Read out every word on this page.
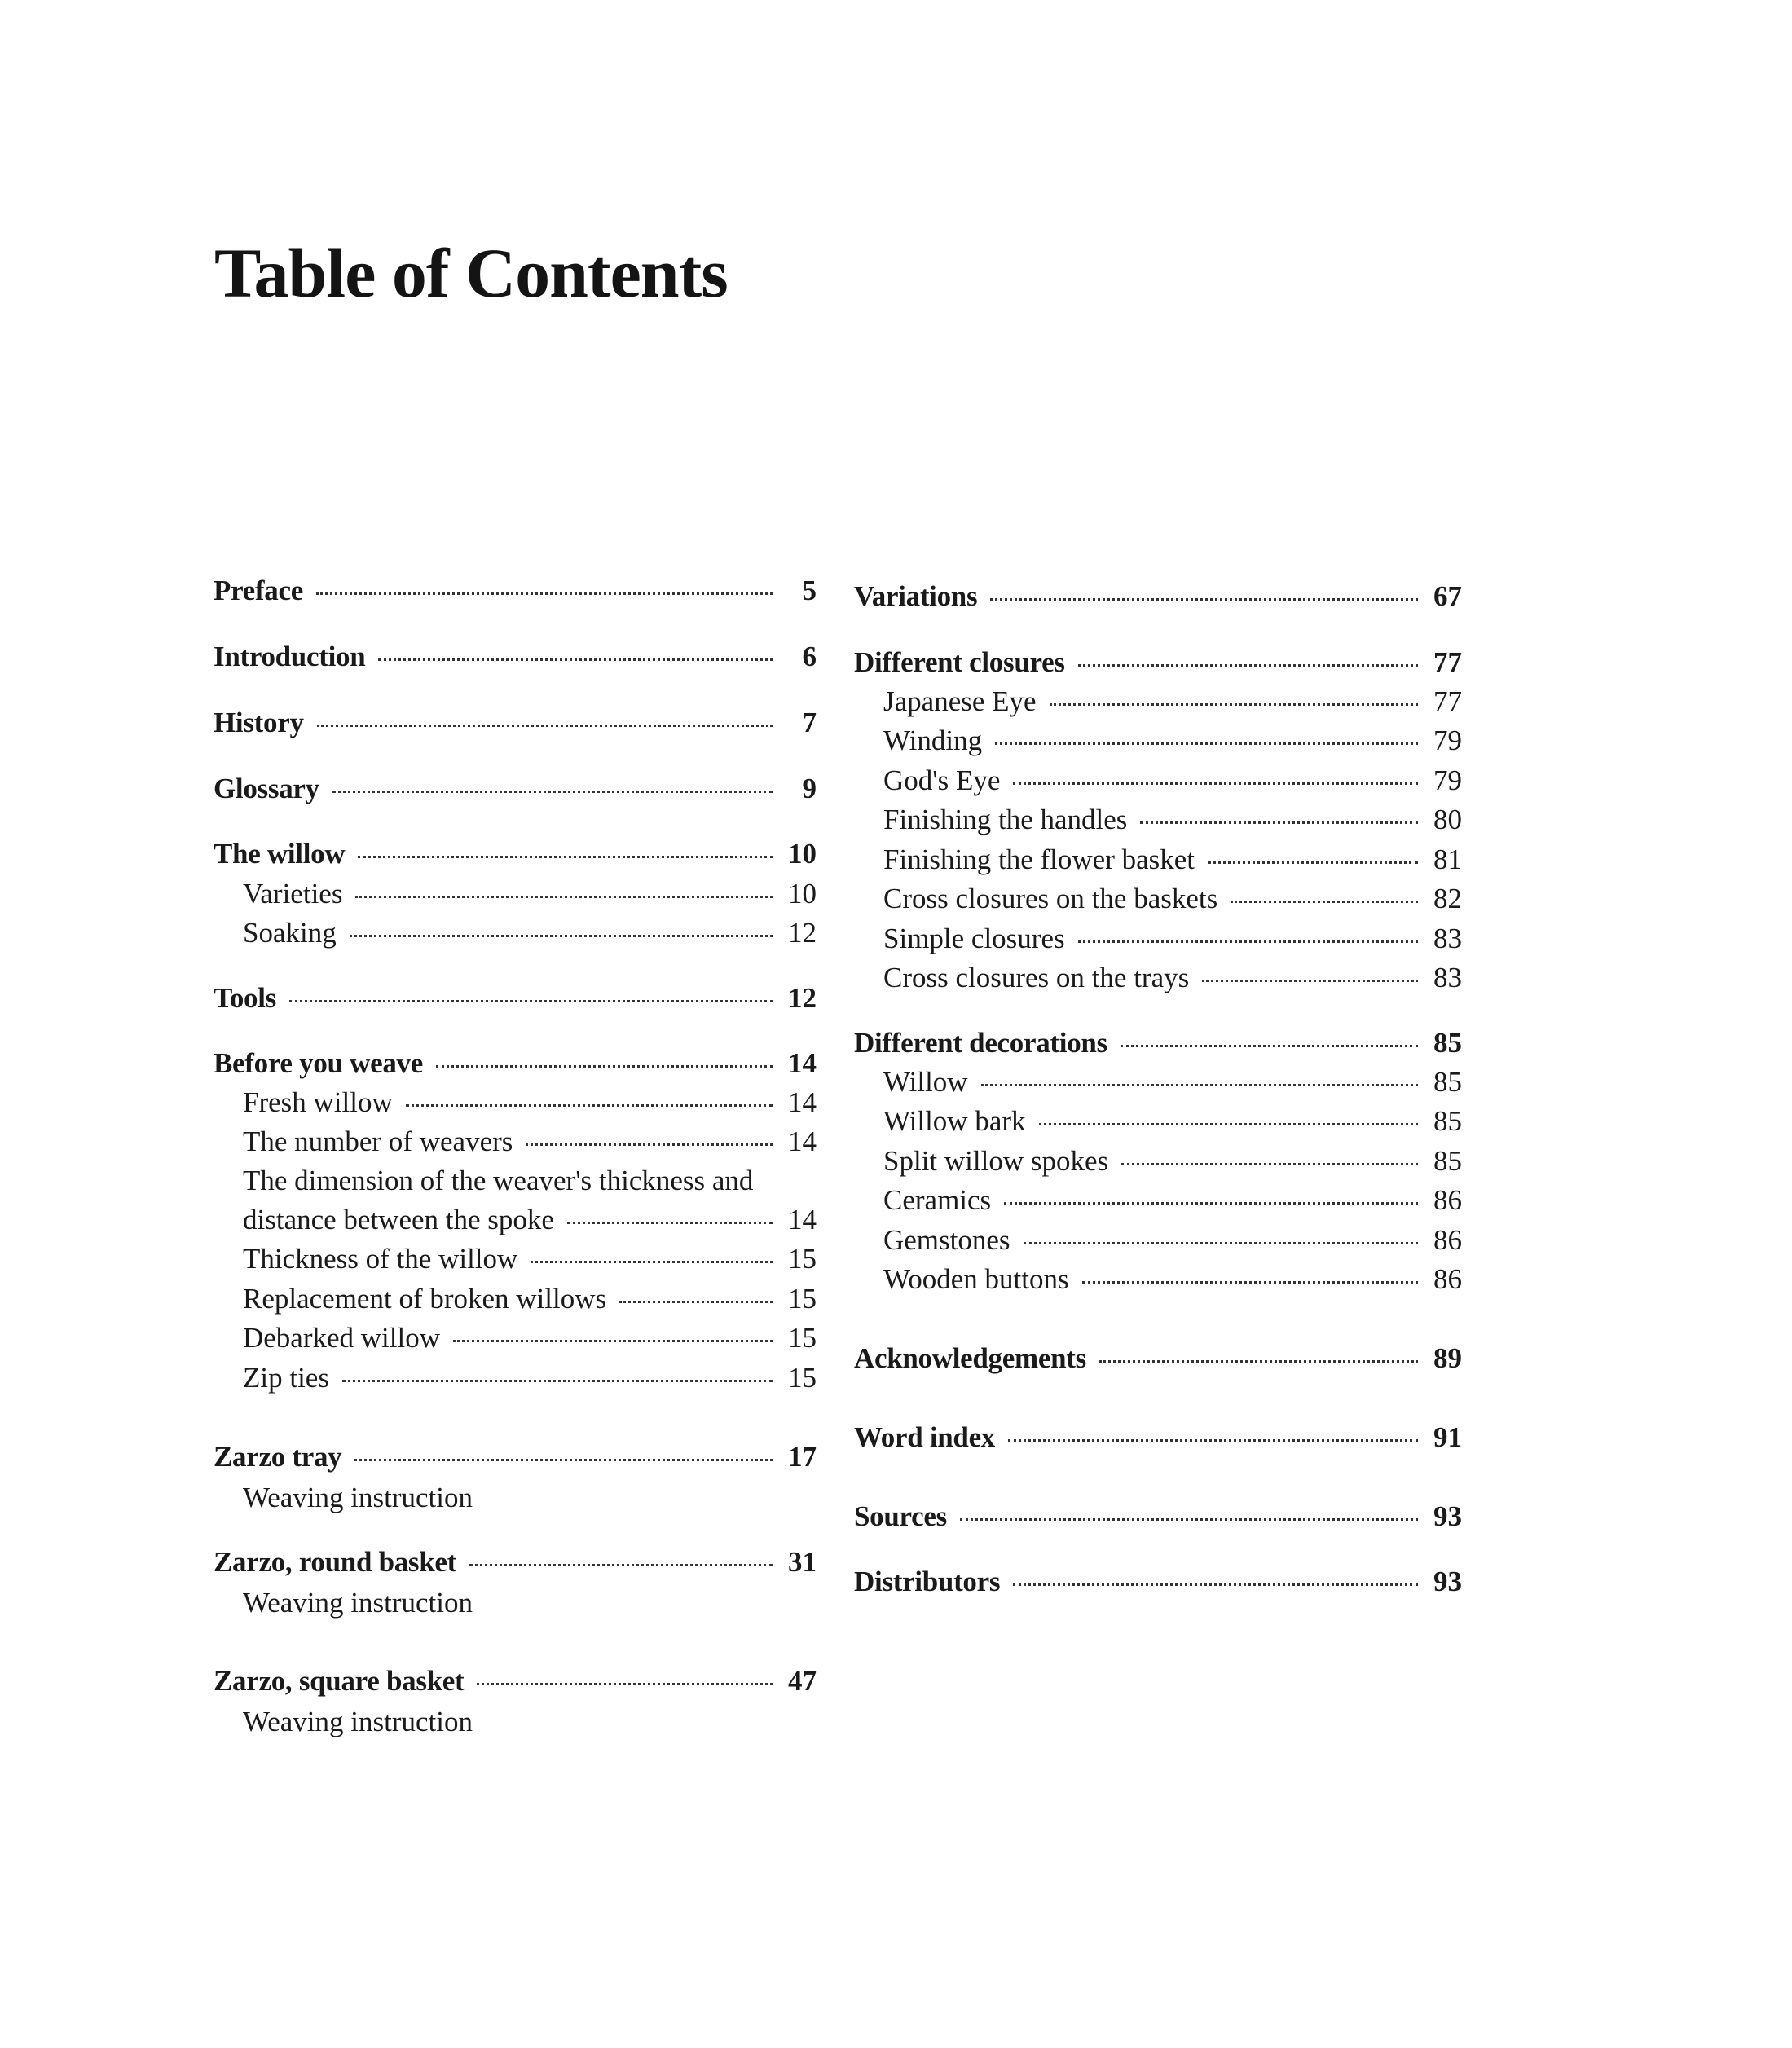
Table of Contents
Preface	5
Introduction	6
History	7
Glossary	9
The willow	10
Varieties	10
Soaking	12
Tools	12
Before you weave	14
Fresh willow	14
The number of weavers	14
The dimension of the weaver's thickness and
distance between the spoke	14
Thickness of the willow	15
Replacement of broken willows	15
Debarked willow	15
Zip ties	15
Zarzo tray	17
Weaving instruction
Zarzo, round basket	31
Weaving instruction
Zarzo, square basket	47
Weaving instruction
Variations	67
Different closures	77
Japanese Eye	77
Winding	79
God's Eye	79
Finishing the handles	80
Finishing the flower basket	81
Cross closures on the baskets	82
Simple closures	83
Cross closures on the trays	83
Different decorations	85
Willow	85
Willow bark	85
Split willow spokes	85
Ceramics	86
Gemstones	86
Wooden buttons	86
Acknowledgements	89
Word index	91
Sources	93
Distributors	93
